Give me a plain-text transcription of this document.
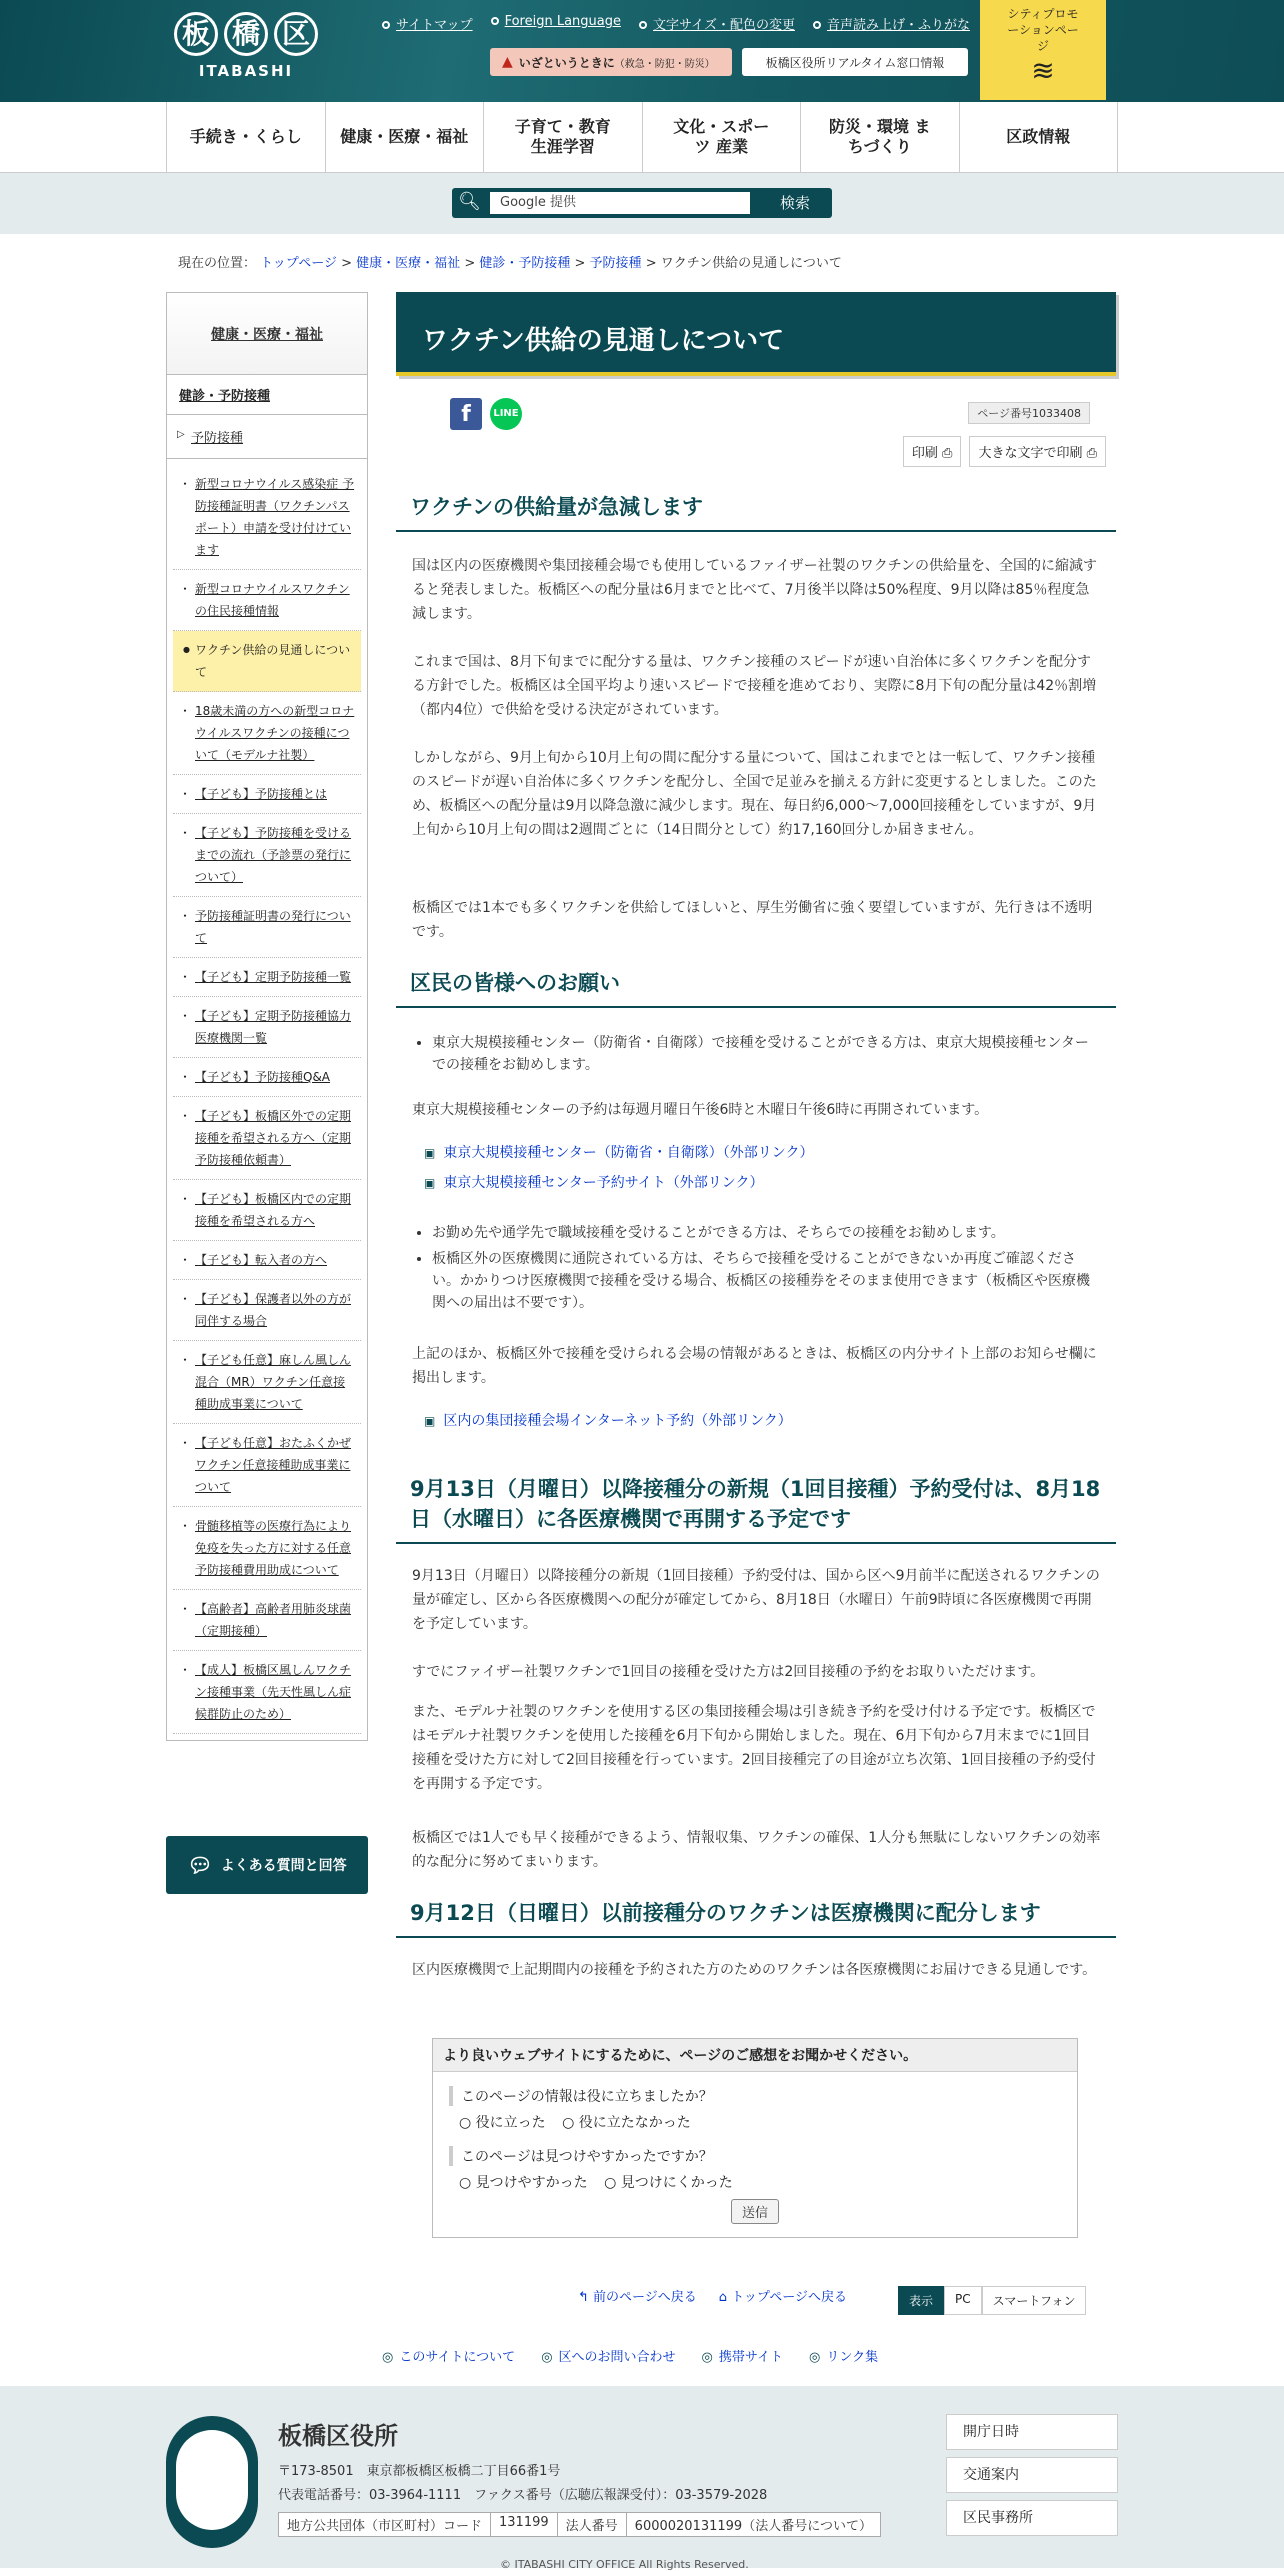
板 橋 区
ITABASHI
サイトマップ	Foreign Language	文字サイズ・配色の変更	音声読み上げ・ふりがな
▲ いざというときに （救急・防犯・防災）	板橋区役所リアルタイム窓口情報
シティプロモーションページ
≋
手続き・くらし	健康・医療・福祉
子育て・教育 生涯学習
文化・スポーツ 産業
防災・環境 まちづくり
区政情報
🔍︎	Google 提供	検索
現在の位置： トップページ > 健康・医療・福祉 > 健診・予防接種 > 予防接種 > ワクチン供給の見通しについて
健康・医療・福祉
健診・予防接種
▷ 予防接種
・ 新型コロナウイルス感染症 予防接種証明書（ワクチンパスポート）申請を受け付けています
・ 新型コロナウイルスワクチンの住民接種情報
● ワクチン供給の見通しについて
・ 18歳未満の方への新型コロナウイルスワクチンの接種について（モデルナ社製）
・ 【子ども】予防接種とは
・ 【子ども】予防接種を受けるまでの流れ（予診票の発行について）
・ 予防接種証明書の発行について
・ 【子ども】定期予防接種一覧
・ 【子ども】定期予防接種協力医療機関一覧
・ 【子ども】予防接種Q&A
・ 【子ども】板橋区外での定期接種を希望される方へ（定期予防接種依頼書）
・ 【子ども】板橋区内での定期接種を希望される方へ
・ 【子ども】転入者の方へ
・ 【子ども】保護者以外の方が同伴する場合
・ 【子ども任意】麻しん風しん混合（MR）ワクチン任意接種助成事業について
・ 【子ども任意】おたふくかぜワクチン任意接種助成事業について
・ 骨髄移植等の医療行為により免疫を失った方に対する任意予防接種費用助成について
・ 【高齢者】高齢者用肺炎球菌（定期接種）
・ 【成人】板橋区風しんワクチン接種事業（先天性風しん症候群防止のため）
💬︎ よくある質問と回答
ワクチン供給の見通しについて
f	LINE	ページ番号1033408
印刷 ⎙	大きな文字で印刷 ⎙
ワクチンの供給量が急減します

国は区内の医療機関や集団接種会場でも使用しているファイザー社製のワクチンの供給量を、全国的に縮減すると発表しました。板橋区への配分量は6月までと比べて、7月後半以降は50%程度、9月以降は85％程度急減します。

これまで国は、8月下旬までに配分する量は、ワクチン接種のスピードが速い自治体に多くワクチンを配分する方針でした。板橋区は全国平均より速いスピードで接種を進めており、実際に8月下旬の配分量は42％割増（都内4位）で供給を受ける決定がされています。

しかしながら、9月上旬から10月上旬の間に配分する量について、国はこれまでとは一転して、ワクチン接種のスピードが遅い自治体に多くワクチンを配分し、全国で足並みを揃える方針に変更するとしました。このため、板橋区への配分量は9月以降急激に減少します。現在、毎日約6,000～7,000回接種をしていますが、9月上旬から10月上旬の間は2週間ごとに（14日間分として）約17,160回分しか届きません。

板橋区では1本でも多くワクチンを供給してほしいと、厚生労働省に強く要望していますが、先行きは不透明です。

区民の皆様へのお願い
• 東京大規模接種センター（防衛省・自衛隊）で接種を受けることができる方は、東京大規模接種センターでの接種をお勧めします。

東京大規模接種センターの予約は毎週月曜日午後6時と木曜日午後6時に再開されています。

▣ 東京大規模接種センター（防衛省・自衛隊）（外部リンク）
▣ 東京大規模接種センター予約サイト（外部リンク）
• お勤め先や通学先で職域接種を受けることができる方は、そちらでの接種をお勧めします。
• 板橋区外の医療機関に通院されている方は、そちらで接種を受けることができないか再度ご確認ください。かかりつけ医療機関で接種を受ける場合、板橋区の接種券をそのまま使用できます（板橋区や医療機関への届出は不要です）。

上記のほか、板橋区外で接種を受けられる会場の情報があるときは、板橋区の内分サイト上部のお知らせ欄に掲出します。

▣ 区内の集団接種会場インターネット予約（外部リンク）
9月13日（月曜日）以降接種分の新規（1回目接種）予約受付は、8月18日（水曜日）に各医療機関で再開する予定です

9月13日（月曜日）以降接種分の新規（1回目接種）予約受付は、国から区へ9月前半に配送されるワクチンの量が確定し、区から各医療機関への配分が確定してから、8月18日（水曜日）午前9時頃に各医療機関で再開を予定しています。

すでにファイザー社製ワクチンで1回目の接種を受けた方は2回目接種の予約をお取りいただけます。

また、モデルナ社製のワクチンを使用する区の集団接種会場は引き続き予約を受け付ける予定です。板橋区ではモデルナ社製ワクチンを使用した接種を6月下旬から開始しました。現在、6月下旬から7月末までに1回目接種を受けた方に対して2回目接種を行っています。2回目接種完了の目途が立ち次第、1回目接種の予約受付を再開する予定です。

板橋区では1人でも早く接種ができるよう、情報収集、ワクチンの確保、1人分も無駄にしないワクチンの効率的な配分に努めてまいります。

9月12日（日曜日）以前接種分のワクチンは医療機関に配分します

区内医療機関で上記期間内の接種を予約された方のためのワクチンは各医療機関にお届けできる見通しです。

より良いウェブサイトにするために、ページのご感想をお聞かせください。
このページの情報は役に立ちましたか？
○ 役に立った ○ 役に立たなかった
このページは見つけやすかったですか？
○ 見つけやすかった ○ 見つけにくかった
送信
↰ 前のページへ戻る ⌂ トップページへ戻る	表示	PC	スマートフォン
◎ このサイトについて	◎ 区へのお問い合わせ	◎ 携帯サイト	◎ リンク集
板橋区役所
〒173-8501　東京都板橋区板橋二丁目66番1号
代表電話番号：03-3964-1111　ファクス番号（広聴広報課受付）：03-3579-2028
地方公共団体（市区町村）コード	131199	法人番号	6000020131199（法人番号について）
開庁日時
交通案内
区民事務所
© ITABASHI CITY OFFICE All Rights Reserved.
